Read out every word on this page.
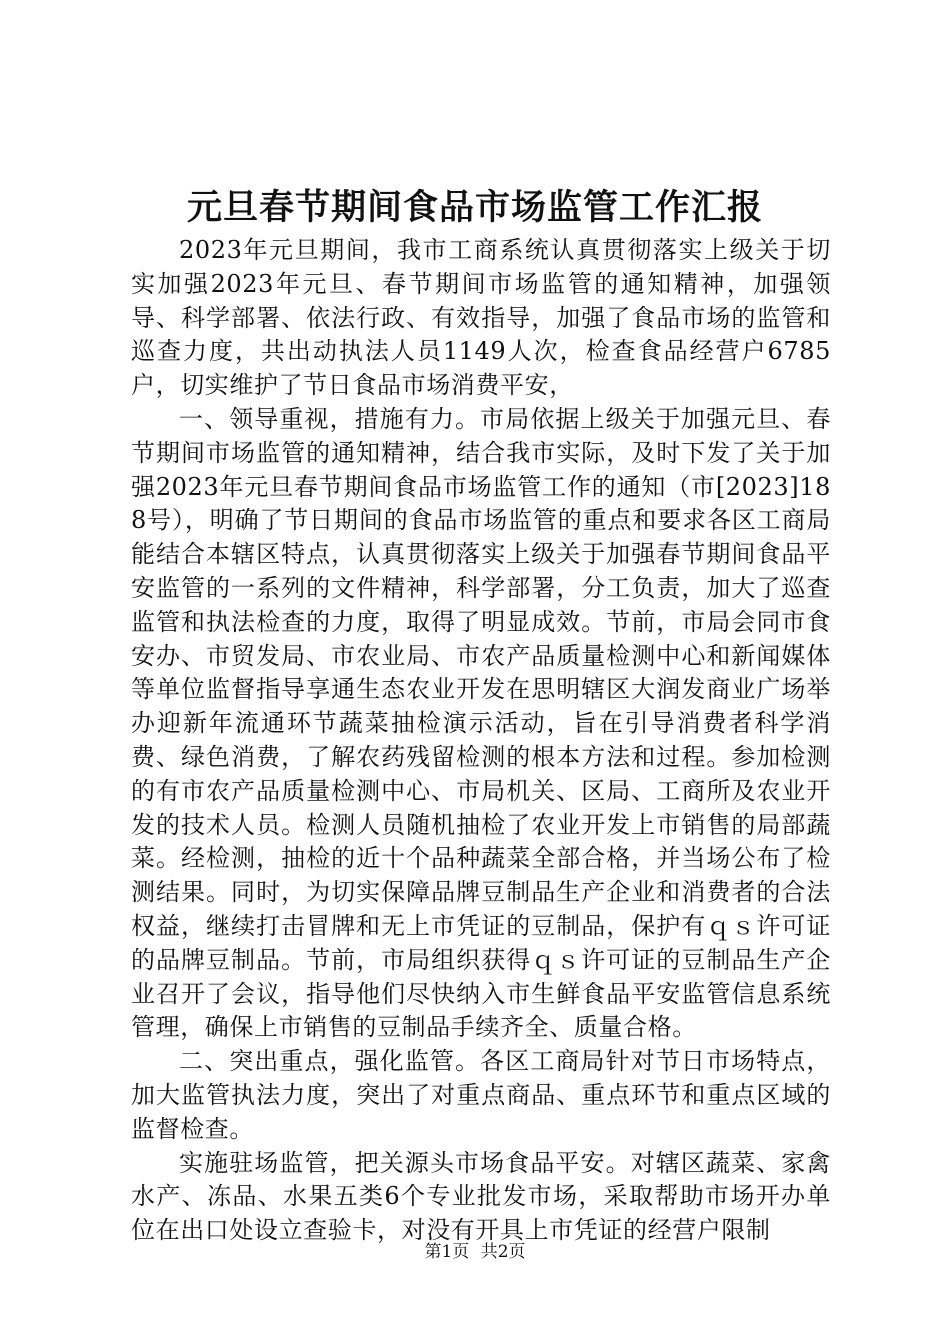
元旦春节期间食品市场监管工作汇报

2023年元旦期间，我市工商系统认真贯彻落实上级关于切实加强2023年元旦、春节期间市场监管的通知精神，加强领导、科学部署、依法行政、有效指导，加强了食品市场的监管和巡查力度，共出动执法人员1149人次，检查食品经营户6785户，切实维护了节日食品市场消费平安，

一、领导重视，措施有力。市局依据上级关于加强元旦、春节期间市场监管的通知精神，结合我市实际，及时下发了关于加强2023年元旦春节期间食品市场监管工作的通知（市[2023]188号），明确了节日期间的食品市场监管的重点和要求各区工商局能结合本辖区特点，认真贯彻落实上级关于加强春节期间食品平安监管的一系列的文件精神，科学部署，分工负责，加大了巡查监管和执法检查的力度，取得了明显成效。节前，市局会同市食安办、市贸发局、市农业局、市农产品质量检测中心和新闻媒体等单位监督指导享通生态农业开发在思明辖区大润发商业广场举办迎新年流通环节蔬菜抽检演示活动，旨在引导消费者科学消费、绿色消费，了解农药残留检测的根本方法和过程。参加检测的有市农产品质量检测中心、市局机关、区局、工商所及农业开发的技术人员。检测人员随机抽检了农业开发上市销售的局部蔬菜。经检测，抽检的近十个品种蔬菜全部合格，并当场公布了检测结果。同时，为切实保障品牌豆制品生产企业和消费者的合法权益，继续打击冒牌和无上市凭证的豆制品，保护有ｑｓ许可证的品牌豆制品。节前，市局组织获得ｑｓ许可证的豆制品生产企业召开了会议，指导他们尽快纳入市生鲜食品平安监管信息系统管理，确保上市销售的豆制品手续齐全、质量合格。

二、突出重点，强化监管。各区工商局针对节日市场特点，加大监管执法力度，突出了对重点商品、重点环节和重点区域的监督检查。

实施驻场监管，把关源头市场食品平安。对辖区蔬菜、家禽水产、冻品、水果五类6个专业批发市场，采取帮助市场开办单位在出口处设立查验卡，对没有开具上市凭证的经营户限制

第1页 共2页
